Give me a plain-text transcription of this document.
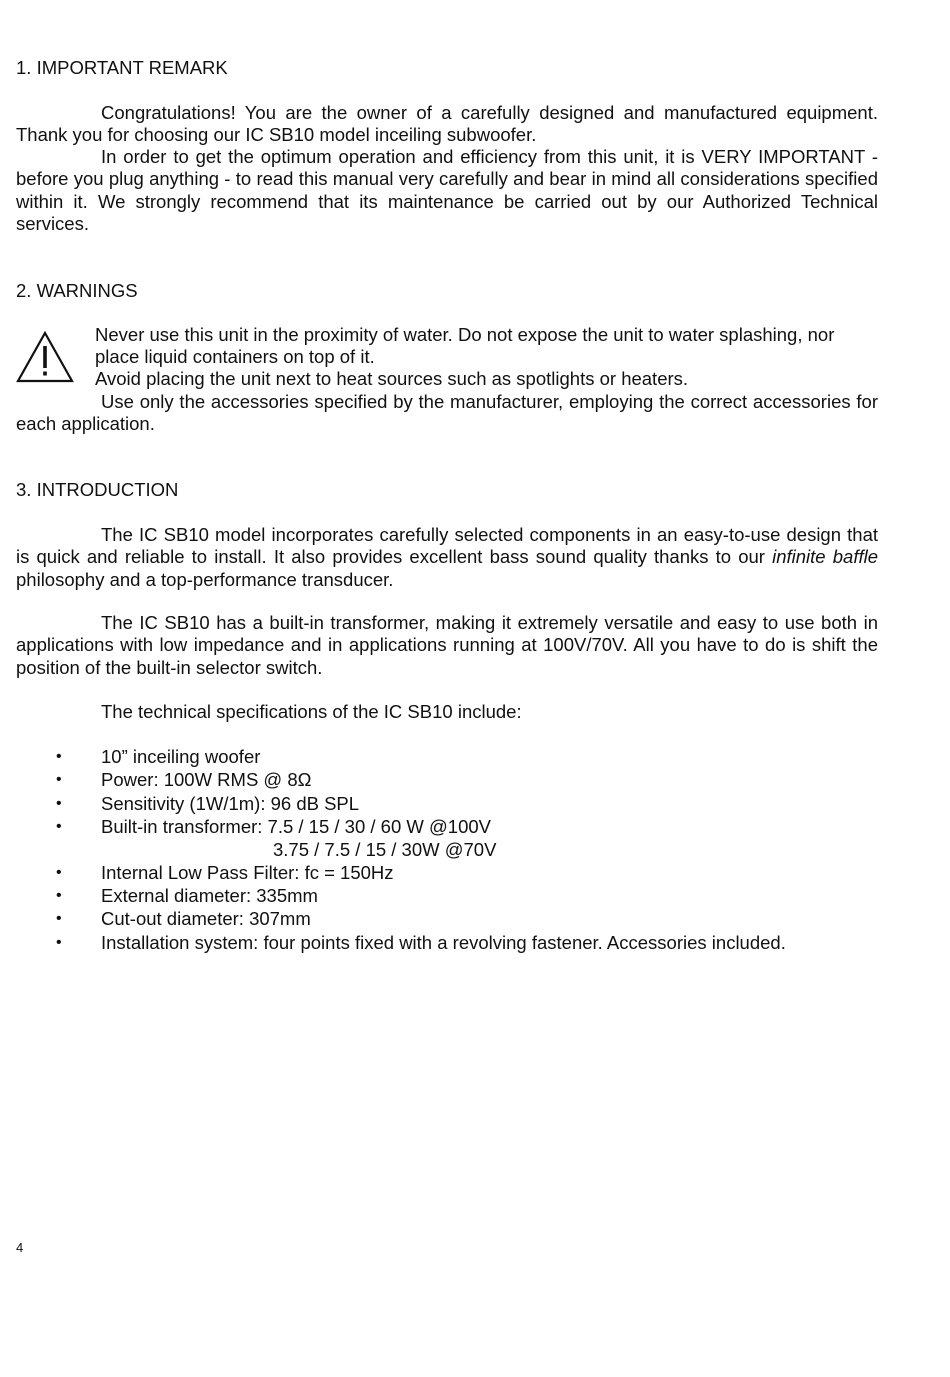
1. IMPORTANT REMARK
Congratulations! You are the owner of a carefully designed and manufactured equipment. Thank you for choosing our IC SB10 model inceiling subwoofer.
In order to get the optimum operation and efficiency from this unit, it is VERY IMPORTANT - before you plug anything - to read this manual very carefully and bear in mind all considerations specified within it. We strongly recommend that its maintenance be carried out by our Authorized Technical services.
2. WARNINGS
Never use this unit in the proximity of water. Do not expose the unit to water splashing, nor place liquid containers on top of it.
Avoid placing the unit next to heat sources such as spotlights or heaters.
Use only the accessories specified by the manufacturer, employing the correct accessories for each application.
3. INTRODUCTION
The IC SB10 model incorporates carefully selected components in an easy-to-use design that is quick and reliable to install. It also provides excellent bass sound quality thanks to our infinite baffle philosophy and a top-performance transducer.
The IC SB10 has a built-in transformer, making it extremely versatile and easy to use both in applications with low impedance and in applications running at 100V/70V. All you have to do is shift the position of the built-in selector switch.
The technical specifications of the IC SB10 include:
• 10” inceiling woofer
• Power: 100W RMS @ 8Ω
• Sensitivity (1W/1m): 96 dB SPL
• Built-in transformer: 7.5 / 15 / 30 / 60 W @100V
3.75 / 7.5 / 15 / 30W @70V
• Internal Low Pass Filter: fc = 150Hz
• External diameter: 335mm
• Cut-out diameter: 307mm
• Installation system: four points fixed with a revolving fastener. Accessories included.
4
